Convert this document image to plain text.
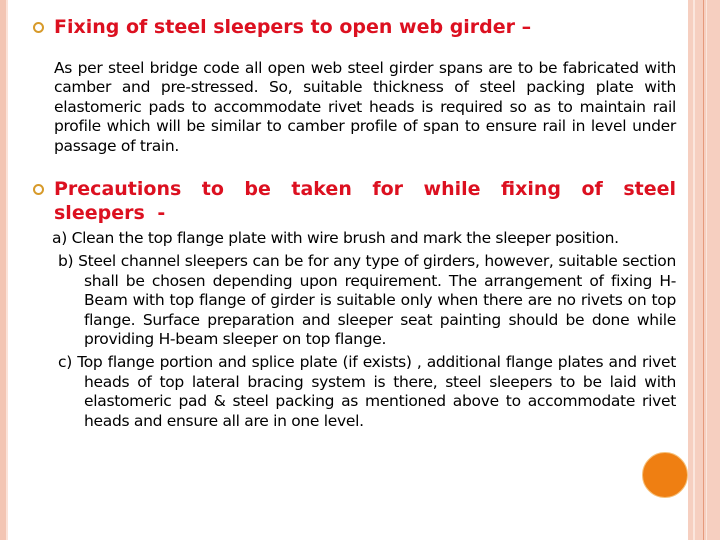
Fixing of steel sleepers to open web girder –
As per steel bridge code all open web steel girder spans are to be fabricated with camber and pre-stressed. So, suitable thickness of steel packing plate with elastomeric pads to accommodate rivet heads is required so as to maintain rail profile which will be similar to camber profile of span to ensure rail in level under passage of train.
Precautions to be taken for while fixing of steel sleepers -

a) Clean the top flange plate with wire brush and mark the sleeper position.

b) Steel channel sleepers can be for any type of girders, however, suitable section shall be chosen depending upon requirement. The arrangement of fixing H-Beam with top flange of girder is suitable only when there are no rivets on top flange. Surface preparation and sleeper seat painting should be done while providing H-beam sleeper on top flange.

c) Top flange portion and splice plate (if exists) , additional flange plates and rivet heads of top lateral bracing system is there, steel sleepers to be laid with elastomeric pad & steel packing as mentioned above to accommodate rivet heads and ensure all are in one level.
